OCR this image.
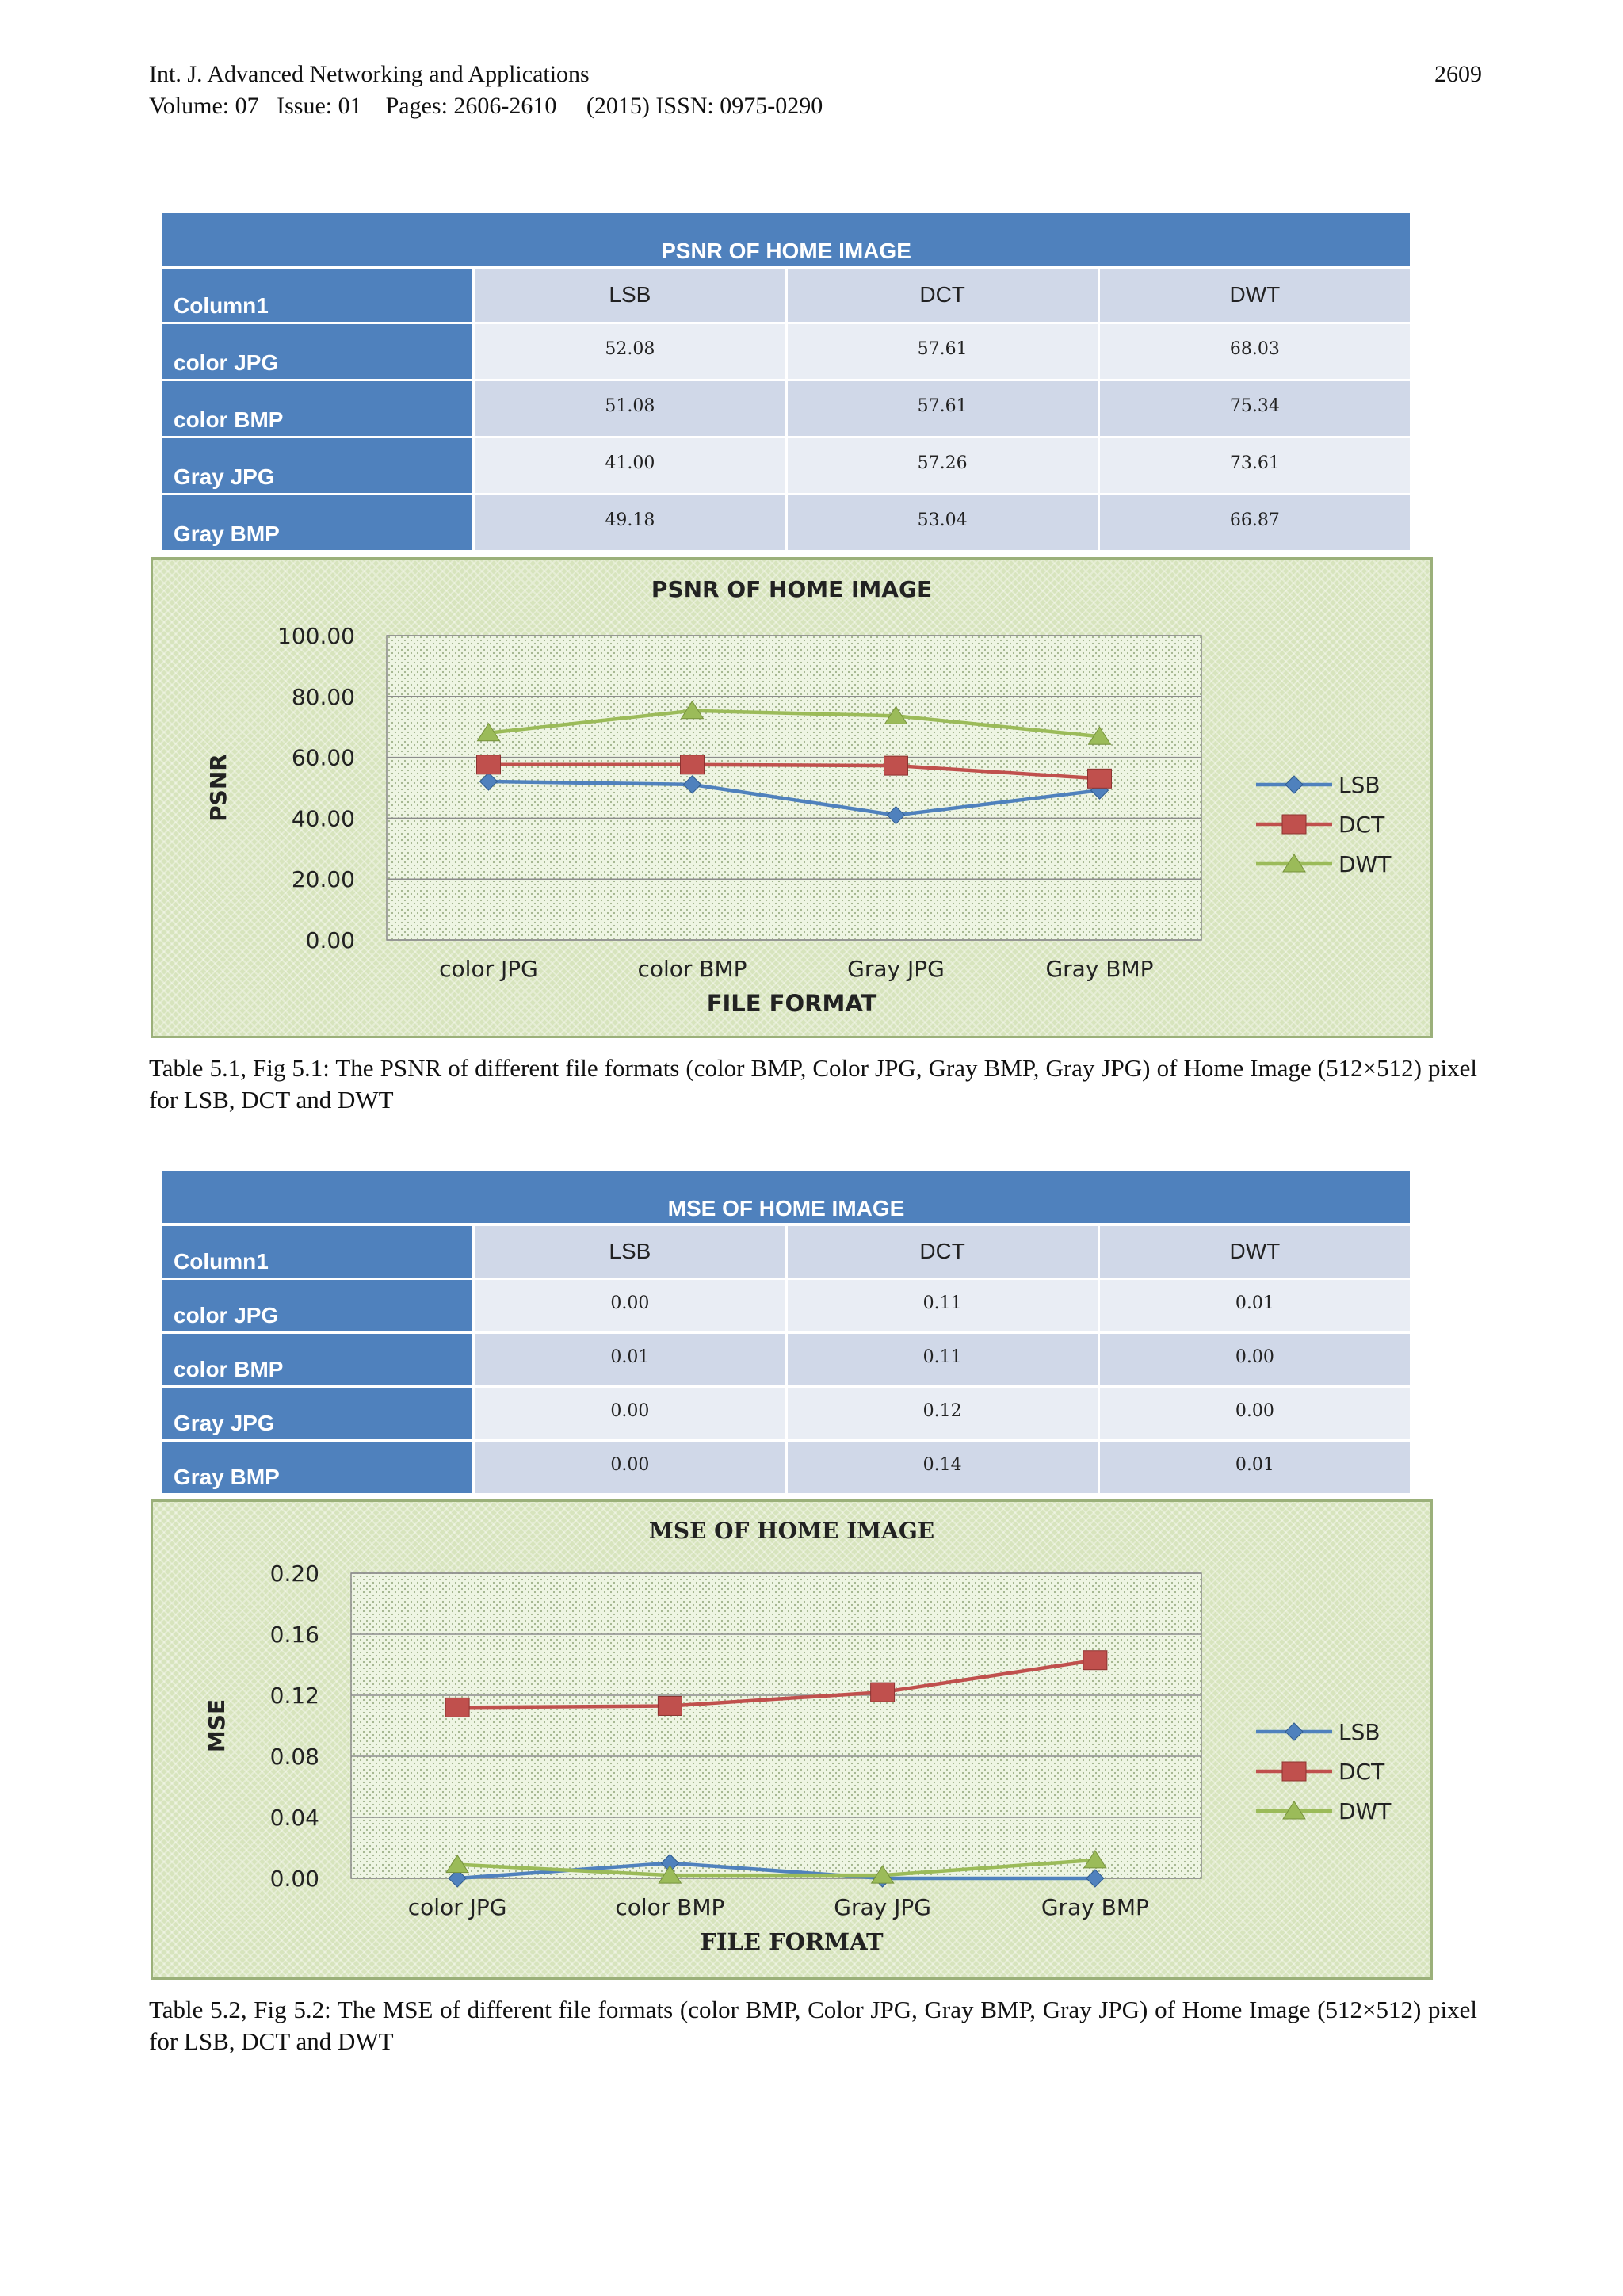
Int. J. Advanced Networking and Applications
Volume: 07   Issue: 01    Pages: 2606-2610     (2015) ISSN: 0975-0290
2609
PSNR OF HOME IMAGE			
Column1	LSB	DCT	DWT
color JPG	52.08	57.61	68.03
color BMP	51.08	57.61	75.34
Gray JPG	41.00	57.26	73.61
Gray BMP	49.18	53.04	66.87
0.00
20.00
40.00
60.00
80.00
100.00
color JPG	color BMP	Gray JPG	Gray BMP
PSNR OF HOME IMAGE
FILE FORMAT
PSNR	LSB
DCT
DWT
Table 5.1, Fig 5.1: The PSNR of different file formats (color BMP, Color JPG, Gray BMP, Gray JPG) of Home Image (512×512) pixel for LSB, DCT and DWT
MSE OF HOME IMAGE			
Column1	LSB	DCT	DWT
color JPG	0.00	0.11	0.01
color BMP	0.01	0.11	0.00
Gray JPG	0.00	0.12	0.00
Gray BMP	0.00	0.14	0.01
0.00
0.04
0.08
0.12
0.16
0.20
color JPG	color BMP	Gray JPG	Gray BMP
MSE OF HOME IMAGE
FILE FORMAT
MSE	LSB
DCT
DWT
Table 5.2, Fig 5.2: The MSE of different file formats (color BMP, Color JPG, Gray BMP, Gray JPG) of Home Image (512×512) pixel for LSB, DCT and DWT
